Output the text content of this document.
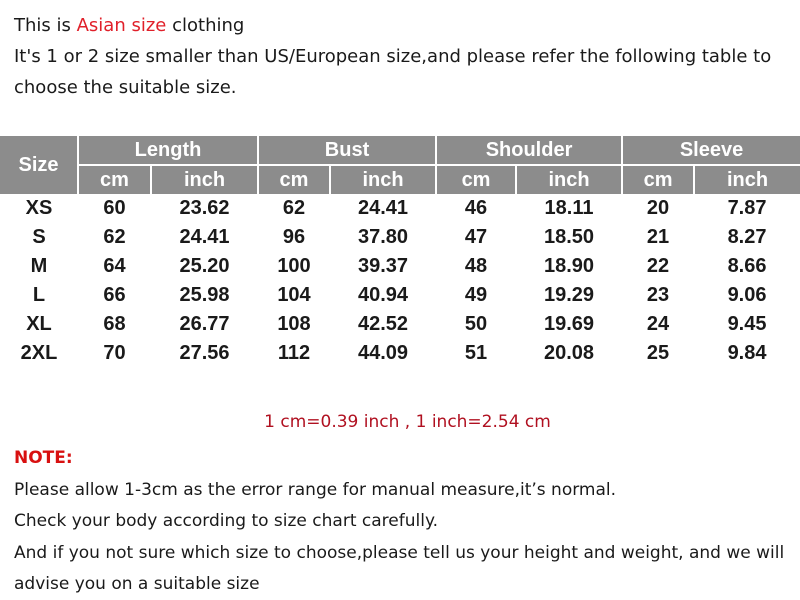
This is Asian size clothing
It's 1 or 2 size smaller than US/European size,and please refer the following table to
choose the suitable size.
Size	Length		Bust		Shoulder		Sleeve	
	cm	inch	cm	inch	cm	inch	cm	inch
XS	60	23.62	62	24.41	46	18.11	20	7.87
S	62	24.41	96	37.80	47	18.50	21	8.27
M	64	25.20	100	39.37	48	18.90	22	8.66
L	66	25.98	104	40.94	49	19.29	23	9.06
XL	68	26.77	108	42.52	50	19.69	24	9.45
2XL	70	27.56	112	44.09	51	20.08	25	9.84
1 cm=0.39 inch , 1 inch=2.54 cm
NOTE:
Please allow 1-3cm as the error range for manual measure,it’s normal.
Check your body according to size chart carefully.
And if you not sure which size to choose,please tell us your height and weight, and we will
advise you on a suitable size
